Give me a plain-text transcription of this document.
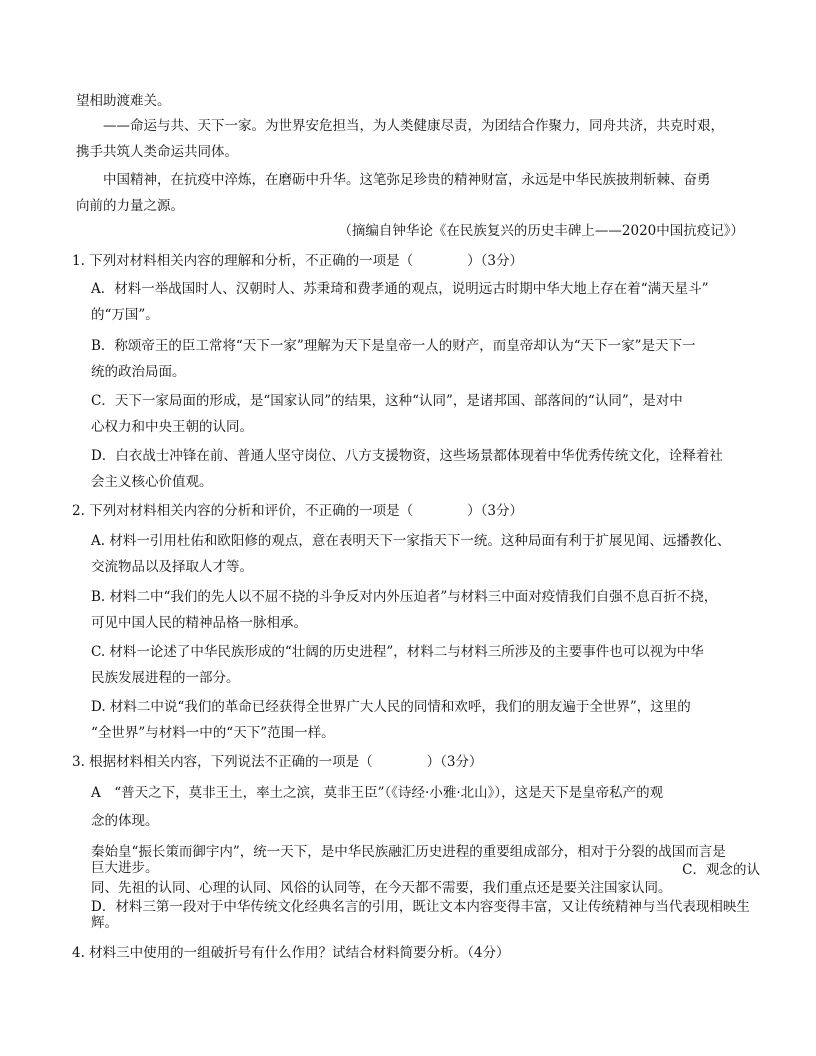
望相助渡难关。
——命运与共、天下一家。为世界安危担当，为人类健康尽责，为团结合作聚力，同舟共济，共克时艰，
携手共筑人类命运共同体。
中国精神，在抗疫中淬炼，在磨砺中升华。这笔弥足珍贵的精神财富，永远是中华民族披荆斩棘、奋勇
向前的力量之源。
（摘编自钟华论《在民族复兴的历史丰碑上——2020中国抗疫记》）
1. 下列对材料相关内容的理解和分析，不正确的一项是（　　　　）（3分）
A．材料一举战国时人、汉朝时人、苏秉琦和费孝通的观点，说明远古时期中华大地上存在着“满天星斗”
的“万国”。
B．称颂帝王的臣工常将“天下一家”理解为天下是皇帝一人的财产，而皇帝却认为“天下一家”是天下一
统的政治局面。
C．天下一家局面的形成，是“国家认同”的结果，这种“认同”，是诸邦国、部落间的“认同”，是对中
心权力和中央王朝的认同。
D．白衣战士冲锋在前、普通人坚守岗位、八方支援物资，这些场景都体现着中华优秀传统文化，诠释着社
会主义核心价值观。
2. 下列对材料相关内容的分析和评价，不正确的一项是（　　　　）（3分）
A. 材料一引用杜佑和欧阳修的观点，意在表明天下一家指天下一统。这种局面有利于扩展见闻、远播教化、
交流物品以及择取人才等。
B. 材料二中“我们的先人以不屈不挠的斗争反对内外压迫者”与材料三中面对疫情我们自强不息百折不挠，
可见中国人民的精神品格一脉相承。
C. 材料一论述了中华民族形成的“壮阔的历史进程”，材料二与材料三所涉及的主要事件也可以视为中华
民族发展进程的一部分。
D. 材料二中说“我们的革命已经获得全世界广大人民的同情和欢呼，我们的朋友遍于全世界”，这里的
“全世界”与材料一中的“天下”范围一样。
3. 根据材料相关内容，下列说法不正确的一项是（　　　　）（3分）
A　“普天之下，莫非王土，率土之滨，莫非王臣”（《诗经·小雅·北山》），这是天下是皇帝私产的观
念的体现。
秦始皇“振长策而御宇内”，统一天下，是中华民族融汇历史进程的重要组成部分，相对于分裂的战国而言是
巨大进步。	C．观念的认
同、先祖的认同、心理的认同、风俗的认同等，在今天都不需要，我们重点还是要关注国家认同。
D．材料三第一段对于中华传统文化经典名言的引用，既让文本内容变得丰富，又让传统精神与当代表现相映生
辉。
4. 材料三中使用的一组破折号有什么作用？试结合材料简要分析。（4分）
